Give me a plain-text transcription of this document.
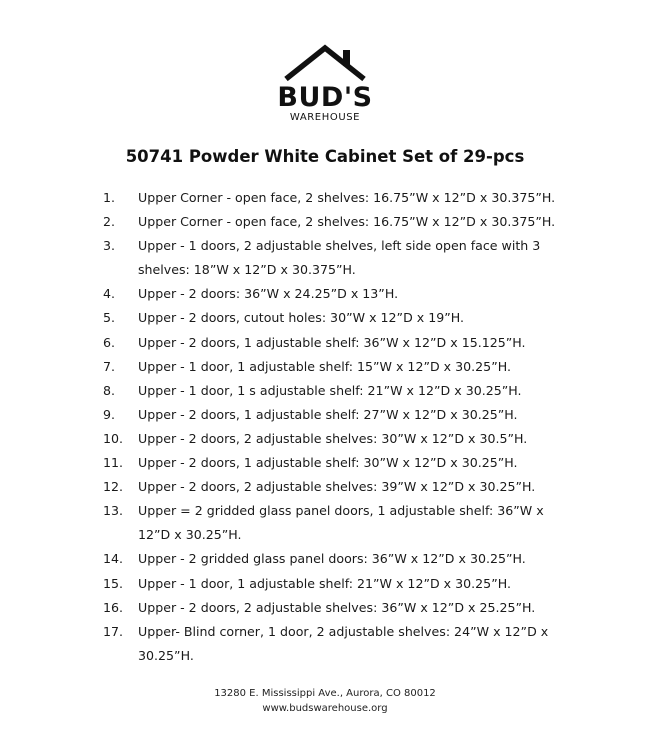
BUD'S
WAREHOUSE
50741 Powder White Cabinet Set of 29-pcs
1. Upper Corner - open face, 2 shelves: 16.75”W x 12”D x 30.375”H.
2. Upper Corner - open face, 2 shelves: 16.75”W x 12”D x 30.375”H.
3. Upper - 1 doors, 2 adjustable shelves, left side open face with 3 shelves: 18”W x 12”D x 30.375”H.
4. Upper - 2 doors: 36”W x 24.25”D x 13”H.
5. Upper - 2 doors, cutout holes: 30”W x 12”D x 19”H.
6. Upper - 2 doors, 1 adjustable shelf: 36”W x 12”D x 15.125”H.
7. Upper - 1 door, 1 adjustable shelf: 15”W x 12”D x 30.25”H.
8. Upper - 1 door, 1 s adjustable shelf: 21”W x 12”D x 30.25”H.
9. Upper - 2 doors, 1 adjustable shelf: 27”W x 12”D x 30.25”H.
10. Upper - 2 doors, 2 adjustable shelves: 30”W x 12”D x 30.5”H.
11. Upper - 2 doors, 1 adjustable shelf: 30”W x 12”D x 30.25”H.
12. Upper - 2 doors, 2 adjustable shelves: 39”W x 12”D x 30.25”H.
13. Upper = 2 gridded glass panel doors, 1 adjustable shelf: 36”W x 12”D x 30.25”H.
14. Upper - 2 gridded glass panel doors: 36”W x 12”D x 30.25”H.
15. Upper - 1 door, 1 adjustable shelf: 21”W x 12”D x 30.25”H.
16. Upper - 2 doors, 2 adjustable shelves: 36”W x 12”D x 25.25”H.
17. Upper- Blind corner, 1 door, 2 adjustable shelves: 24”W x 12”D x 30.25”H.
13280 E. Mississippi Ave., Aurora, CO 80012
www.budswarehouse.org
